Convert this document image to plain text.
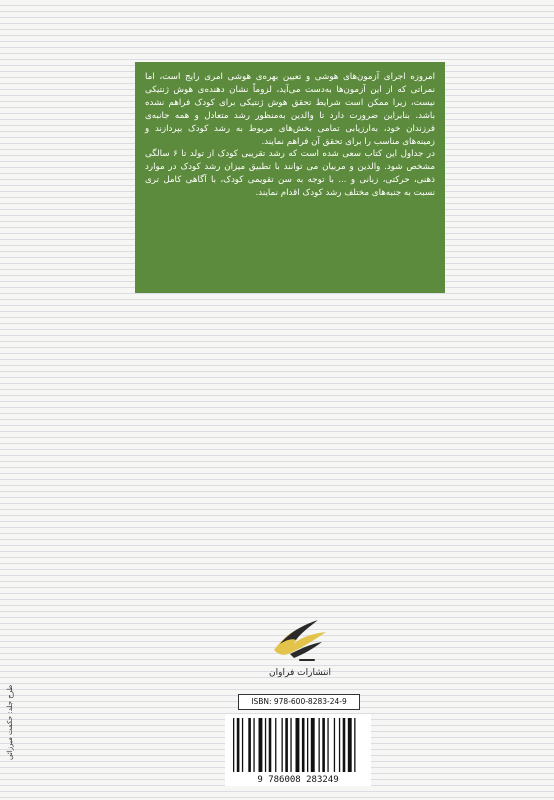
امروزه اجرای آزمون‌های هوشی و تعیین بهره‌ی هوشی امری رایج است، اما نمراتی که از این آزمون‌ها به‌دست می‌آید، لزوماً نشان دهنده‌ی هوش ژنتیکی نیست، زیرا ممکن است شرایط تحقق هوش ژنتیکی برای کودک فراهم نشده باشد. بنابراین ضرورت دارد تا والدین به‌منظور رشد متعادل و همه جانبه‌ی فرزندان خود، به‌ارزیابی تمامی بخش‌های مربوط به رشد کودک بپردازند و زمینه‌های مناسب را برای تحقق آن فراهم نمایند.

در جداول این کتاب سعی شده است که رشد تقریبی کودک از تولد تا ۶ سالگی مشخص شود. والدین و مربیان می توانند با تطبیق میزان رشد کودک در موارد ذهنی، حرکتی، زبانی و ... با توجه به سن تقویمی کودک، با آگاهی کامل تری نسبت به جنبه‌های مختلف رشد کودک اقدام نمایند.

انتشارات فراوان
ISBN: 978-600-8283-24-9
9 786008 283249
طرح جلد: حکمت میرزائی
